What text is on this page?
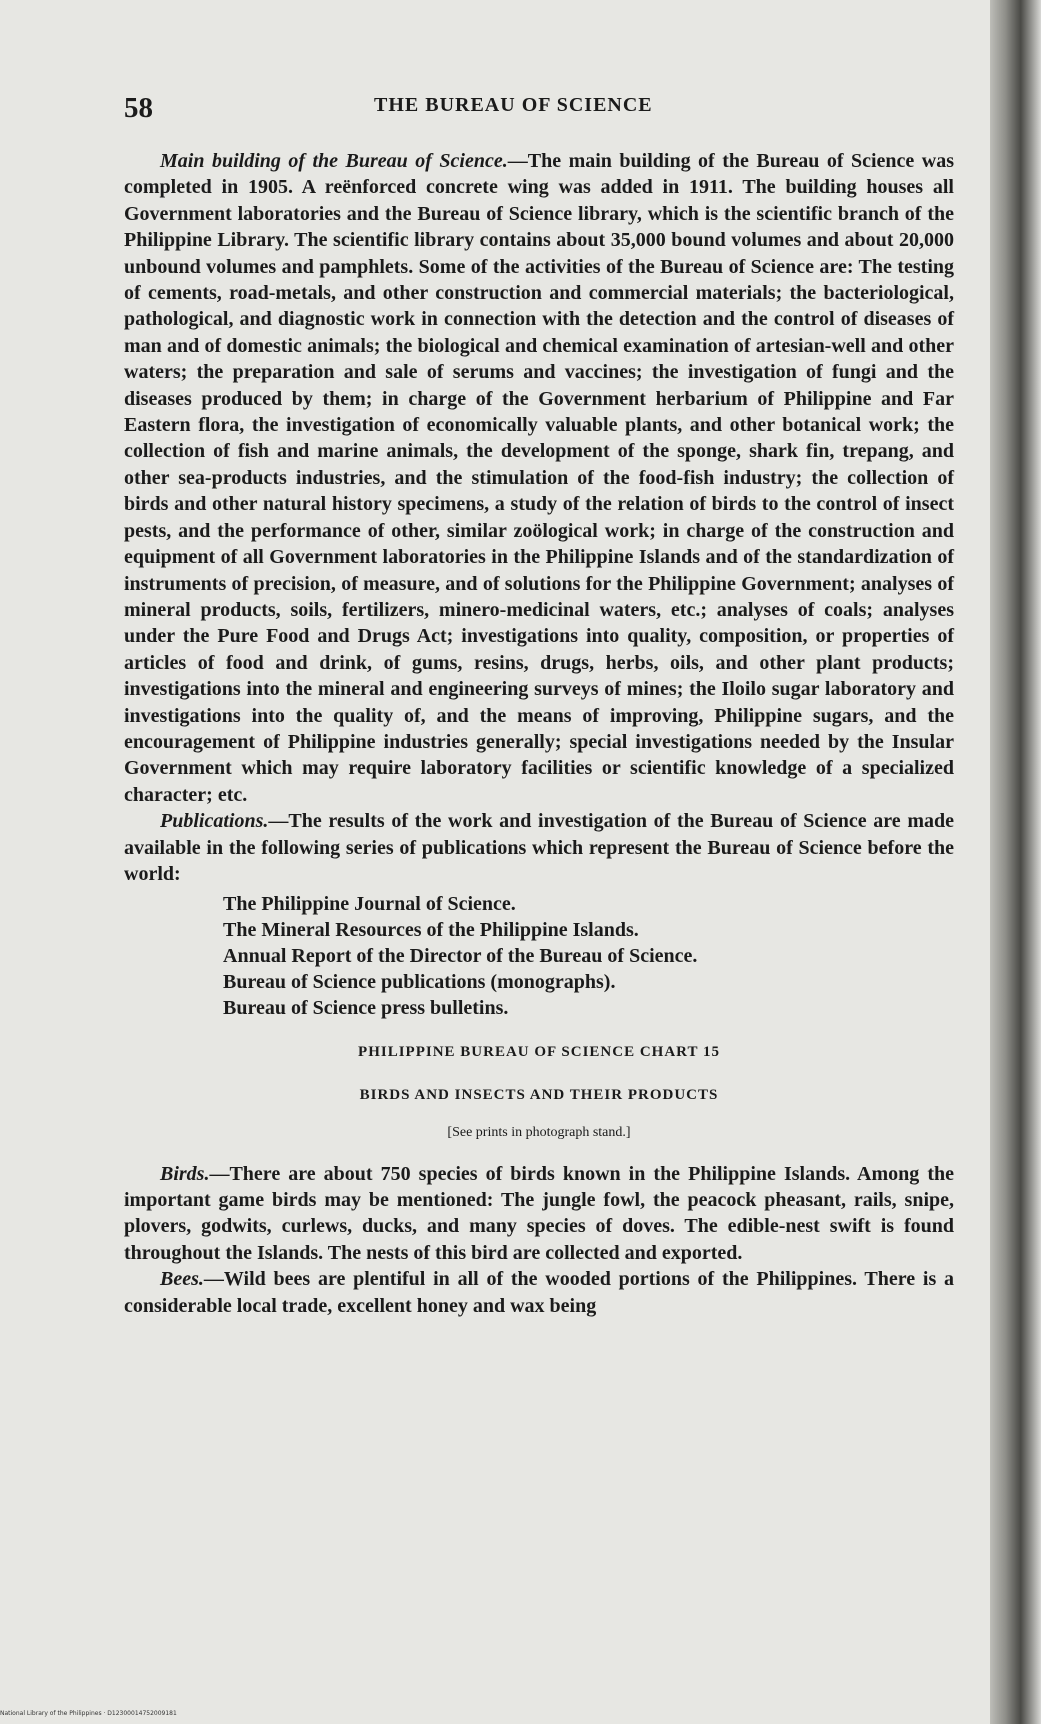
58	THE BUREAU OF SCIENCE

Main building of the Bureau of Science.—The main building of the Bureau of Science was completed in 1905. A reënforced concrete wing was added in 1911. The building houses all Government laboratories and the Bureau of Science library, which is the scientific branch of the Philippine Library. The scientific library contains about 35,000 bound volumes and about 20,000 unbound volumes and pamphlets. Some of the activities of the Bureau of Science are: The testing of cements, road-metals, and other construction and commercial materials; the bacteriological, pathological, and diagnostic work in connection with the detection and the control of diseases of man and of domestic animals; the biological and chemical examination of artesian-well and other waters; the preparation and sale of serums and vaccines; the investigation of fungi and the diseases produced by them; in charge of the Government herbarium of Philippine and Far Eastern flora, the investigation of economically valuable plants, and other botanical work; the collection of fish and marine animals, the development of the sponge, shark fin, trepang, and other sea-products industries, and the stimulation of the food-fish industry; the collection of birds and other natural history specimens, a study of the relation of birds to the control of insect pests, and the performance of other, similar zoölogical work; in charge of the construction and equipment of all Government laboratories in the Philippine Islands and of the standardization of instruments of precision, of measure, and of solutions for the Philippine Government; analyses of mineral products, soils, fertilizers, minero-medicinal waters, etc.; analyses of coals; analyses under the Pure Food and Drugs Act; investigations into quality, composition, or properties of articles of food and drink, of gums, resins, drugs, herbs, oils, and other plant products; investigations into the mineral and engineering surveys of mines; the Iloilo sugar laboratory and investigations into the quality of, and the means of improving, Philippine sugars, and the encouragement of Philippine industries generally; special investigations needed by the Insular Government which may require laboratory facilities or scientific knowledge of a specialized character; etc.

Publications.—The results of the work and investigation of the Bureau of Science are made available in the following series of publications which represent the Bureau of Science before the world:

The Philippine Journal of Science.
The Mineral Resources of the Philippine Islands.
Annual Report of the Director of the Bureau of Science.
Bureau of Science publications (monographs).
Bureau of Science press bulletins.
PHILIPPINE BUREAU OF SCIENCE CHART 15
BIRDS AND INSECTS AND THEIR PRODUCTS
[See prints in photograph stand.]

Birds.—There are about 750 species of birds known in the Philippine Islands. Among the important game birds may be mentioned: The jungle fowl, the peacock pheasant, rails, snipe, plovers, godwits, curlews, ducks, and many species of doves. The edible-nest swift is found throughout the Islands. The nests of this bird are collected and exported.

Bees.—Wild bees are plentiful in all of the wooded portions of the Philippines. There is a considerable local trade, excellent honey and wax being

National Library of the Philippines · D12300014752009181
